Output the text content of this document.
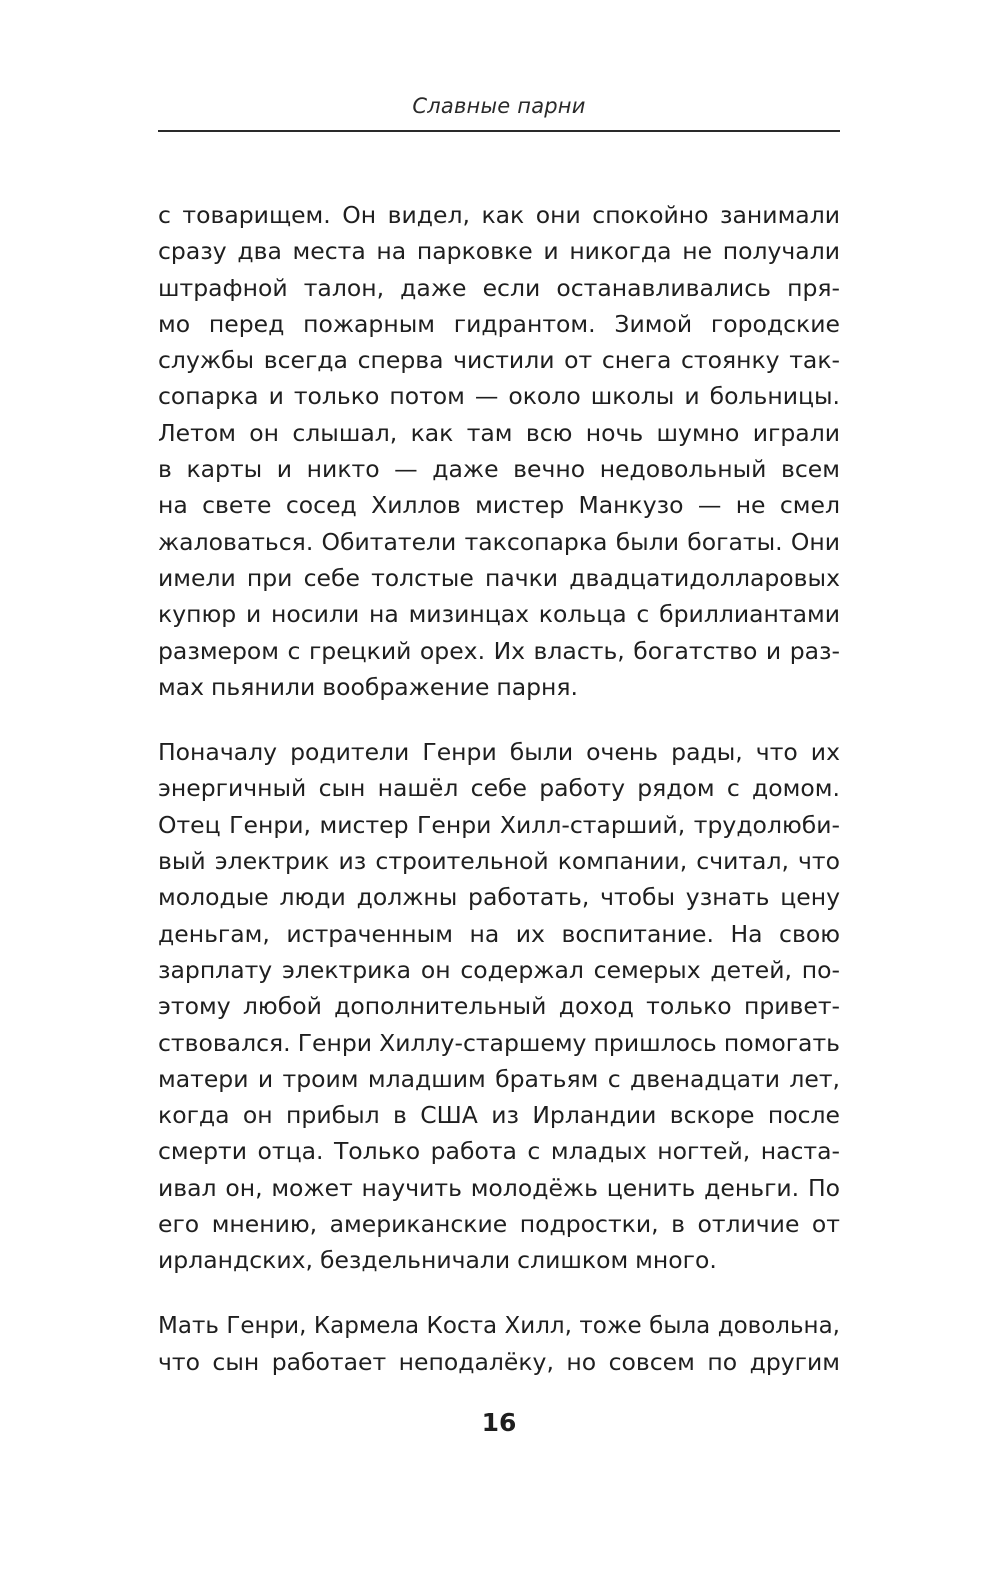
Славные парни
с товарищем. Он видел, как они спокойно занимали
сразу два места на парковке и никогда не получали
штрафной талон, даже если останавливались пря-
мо перед пожарным гидрантом. Зимой городские
службы всегда сперва чистили от снега стоянку так-
сопарка и только потом — около школы и больницы.
Летом он слышал, как там всю ночь шумно играли
в карты и никто — даже вечно недовольный всем
на свете сосед Хиллов мистер Манкузо — не смел
жаловаться. Обитатели таксопарка были богаты. Они
имели при себе толстые пачки двадцатидолларовых
купюр и носили на мизинцах кольца с бриллиантами
размером с грецкий орех. Их власть, богатство и раз-
мах пьянили воображение парня.
Поначалу родители Генри были очень рады, что их
энергичный сын нашёл себе работу рядом с домом.
Отец Генри, мистер Генри Хилл-старший, трудолюби-
вый электрик из строительной компании, считал, что
молодые люди должны работать, чтобы узнать цену
деньгам, истраченным на их воспитание. На свою
зарплату электрика он содержал семерых детей, по-
этому любой дополнительный доход только привет-
ствовался. Генри Хиллу-старшему пришлось помогать
матери и троим младшим братьям с двенадцати лет,
когда он прибыл в США из Ирландии вскоре после
смерти отца. Только работа с младых ногтей, наста-
ивал он, может научить молодёжь ценить деньги. По
его мнению, американские подростки, в отличие от
ирландских, бездельничали слишком много.
Мать Генри, Кармела Коста Хилл, тоже была довольна,
что сын работает неподалёку, но совсем по другим
16
